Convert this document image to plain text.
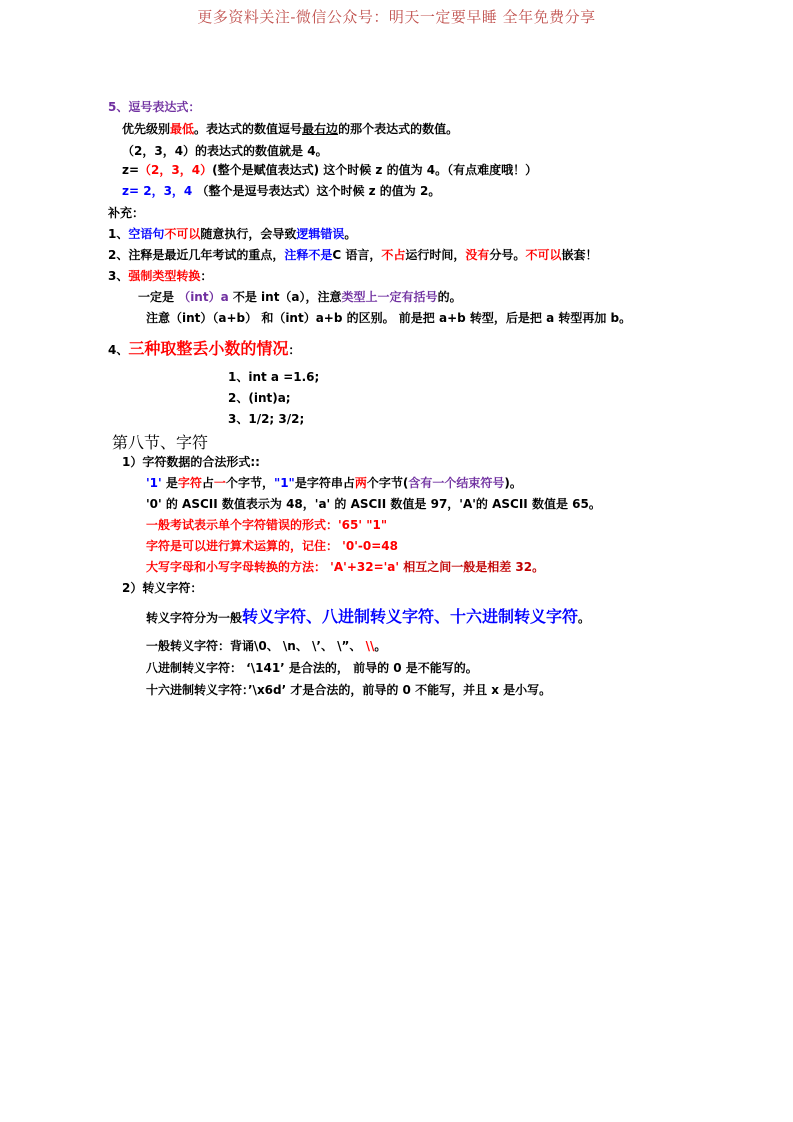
更多资料关注-微信公众号：明天一定要早睡 全年免费分享
5、逗号表达式：
优先级别最低。表达式的数值逗号最右边的那个表达式的数值。
（2，3，4）的表达式的数值就是 4。
z=（2，3，4）(整个是赋值表达式) 这个时候 z 的值为 4。（有点难度哦！）
z= 2，3，4 （整个是逗号表达式）这个时候 z 的值为 2。
补充：
1、空语句不可以随意执行，会导致逻辑错误。
2、注释是最近几年考试的重点，注释不是C 语言，不占运行时间，没有分号。不可以嵌套！
3、强制类型转换：
一定是 （int）a 不是 int（a），注意类型上一定有括号的。
注意（int）（a+b） 和（int）a+b 的区别。 前是把 a+b 转型，后是把 a 转型再加 b。
4、三种取整丢小数的情况：
1、int a =1.6;
2、(int)a;
3、1/2; 3/2;
第八节、字符
1）字符数据的合法形式::
'1' 是字符占一个字节，"1"是字符串占两个字节(含有一个结束符号)。
'0' 的 ASCII 数值表示为 48，'a' 的 ASCII 数值是 97，'A'的 ASCII 数值是 65。
一般考试表示单个字符错误的形式：'65' "1"
字符是可以进行算术运算的，记住： '0'-0=48
大写字母和小写字母转换的方法： 'A'+32='a' 相互之间一般是相差 32。
2）转义字符：
转义字符分为一般转义字符、八进制转义字符、十六进制转义字符。
一般转义字符：背诵\0、 \n、 \’、 \”、 \\。
八进制转义字符： ‘\141’ 是合法的， 前导的 0 是不能写的。
十六进制转义字符：’\x6d’ 才是合法的，前导的 0 不能写，并且 x 是小写。
